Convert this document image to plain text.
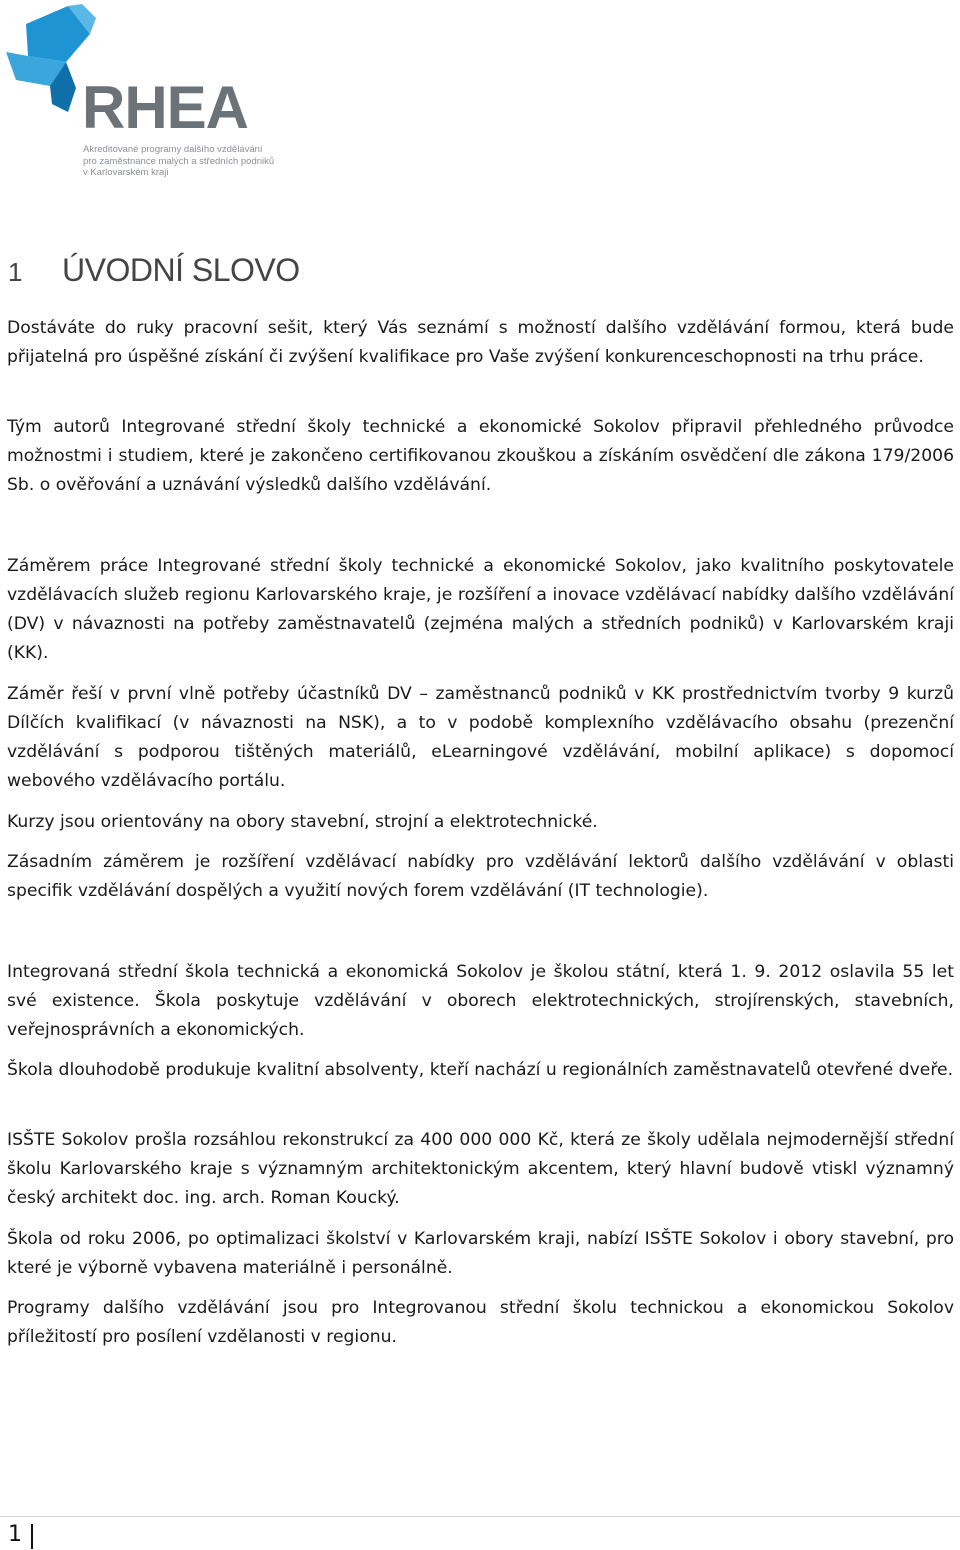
RHEA
Akreditované programy dalšího vzdělávání
pro zaměstnance malých a středních podniků
v Karlovarském kraji
1 ÚVODNÍ SLOVO

Dostáváte do ruky pracovní sešit, který Vás seznámí s možností dalšího vzdělávání formou, která bude přijatelná pro úspěšné získání či zvýšení kvalifikace pro Vaše zvýšení konkurenceschopnosti na trhu práce.

Tým autorů Integrované střední školy technické a ekonomické Sokolov připravil přehledného průvodce možnostmi i studiem, které je zakončeno certifikovanou zkouškou a získáním osvědčení dle zákona 179/2006 Sb. o ověřování a uznávání výsledků dalšího vzdělávání.

Záměrem práce Integrované střední školy technické a ekonomické Sokolov, jako kvalitního poskytovatele vzdělávacích služeb regionu Karlovarského kraje, je rozšíření a inovace vzdělávací nabídky dalšího vzdělávání (DV) v návaznosti na potřeby zaměstnavatelů (zejména malých a středních podniků) v Karlovarském kraji (KK).

Záměr řeší v první vlně potřeby účastníků DV – zaměstnanců podniků v KK prostřednictvím tvorby 9 kurzů Dílčích kvalifikací (v návaznosti na NSK), a to v podobě komplexního vzdělávacího obsahu (prezenční vzdělávání s podporou tištěných materiálů, eLearningové vzdělávání, mobilní aplikace) s dopomocí webového vzdělávacího portálu.

Kurzy jsou orientovány na obory stavební, strojní a elektrotechnické.

Zásadním záměrem je rozšíření vzdělávací nabídky pro vzdělávání lektorů dalšího vzdělávání v oblasti specifik vzdělávání dospělých a využití nových forem vzdělávání (IT technologie).

Integrovaná střední škola technická a ekonomická Sokolov je školou státní, která 1. 9. 2012 oslavila 55 let své existence. Škola poskytuje vzdělávání v oborech elektrotechnických, strojírenských, stavebních, veřejnosprávních a ekonomických.

Škola dlouhodobě produkuje kvalitní absolventy, kteří nachází u regionálních zaměstnavatelů otevřené dveře.

ISŠTE Sokolov prošla rozsáhlou rekonstrukcí za 400 000 000 Kč, která ze školy udělala nejmodernější střední školu Karlovarského kraje s významným architektonickým akcentem, který hlavní budově vtiskl významný český architekt doc. ing. arch. Roman Koucký.

Škola od roku 2006, po optimalizaci školství v Karlovarském kraji, nabízí ISŠTE Sokolov i obory stavební, pro které je výborně vybavena materiálně i personálně.

Programy dalšího vzdělávání jsou pro Integrovanou střední školu technickou a ekonomickou Sokolov příležitostí pro posílení vzdělanosti v regionu.

1
